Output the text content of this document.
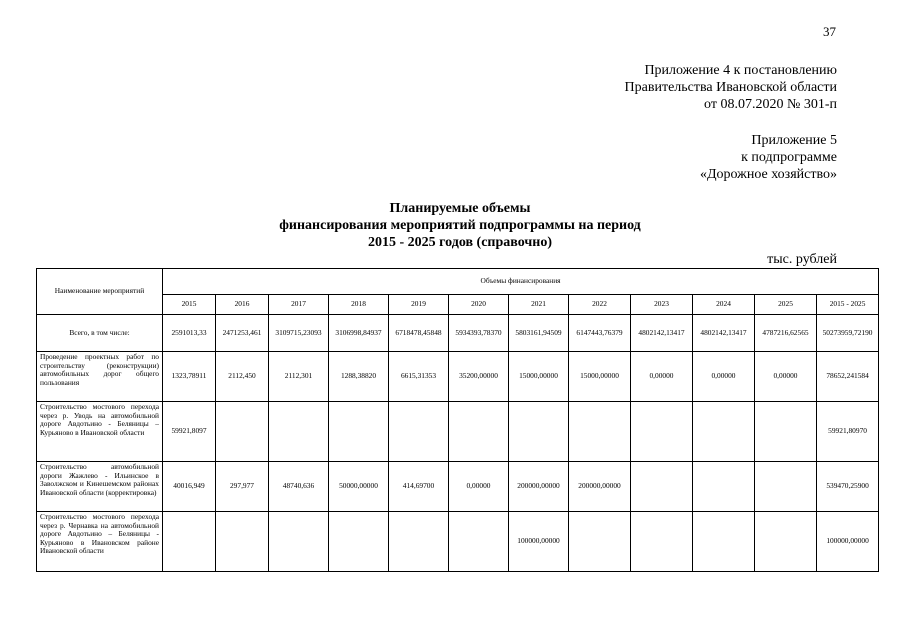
37
Приложение 4 к постановлению
Правительства Ивановской области
от 08.07.2020 № 301-п
Приложение 5
к подпрограмме
«Дорожное хозяйство»
Планируемые объемы
финансирования мероприятий подпрограммы на период
2015 - 2025 годов (справочно)
тыс. рублей
Наименование мероприятий	Объемы финансирования											
	2015	2016	2017	2018	2019	2020	2021	2022	2023	2024	2025	2015 - 2025
Всего, в том числе:	2591013,33	2471253,461	3109715,23093	3106998,84937	6718478,45848	5934393,78370	5803161,94509	6147443,76379	4802142,13417	4802142,13417	4787216,62565	50273959,72190
Проведение проектных работ по строительству (реконструкции) автомобильных дорог общего пользования	1323,78911	2112,450	2112,301	1288,38820	6615,31353	35200,00000	15000,00000	15000,00000	0,00000	0,00000	0,00000	78652,241584
Строительство мостового перехода через р. Уводь на автомобильной дороге Авдотьино - Беляницы – Курьяново в Ивановской области	59921,8097											59921,80970
Строительство автомобильной дороги Жажлево - Ильинское в Заволжском и Кинешемском районах Ивановской области (корректировка)	40016,949	297,977	48740,636	50000,00000	414,69700	0,00000	200000,00000	200000,00000				539470,25900
Строительство мостового перехода через р. Чернавка на автомобильной дороге Авдотьино – Беляницы - Курьяново в Ивановском районе Ивановской области							100000,00000					100000,00000
